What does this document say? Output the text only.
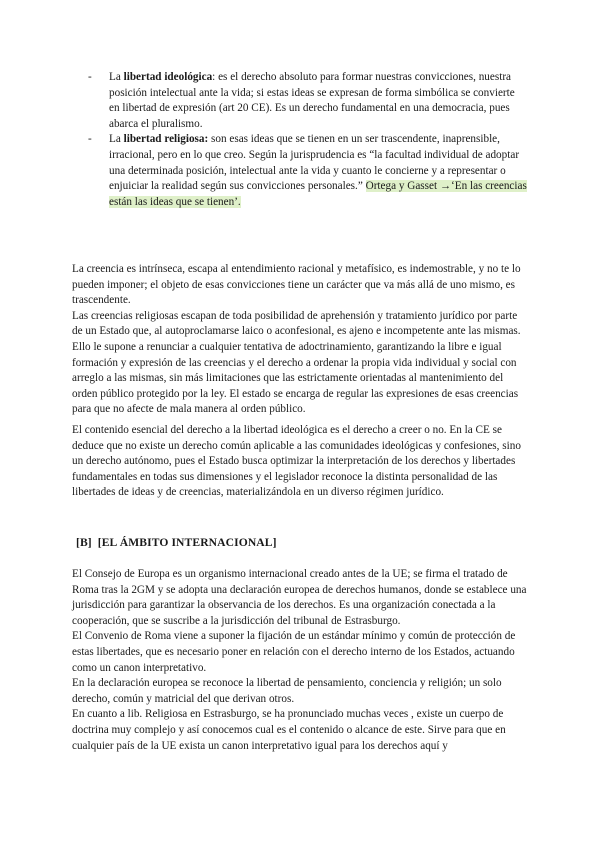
- La libertad ideológica: es el derecho absoluto para formar nuestras convicciones, nuestra posición intelectual ante la vida; si estas ideas se expresan de forma simbólica se convierte en libertad de expresión (art 20 CE). Es un derecho fundamental en una democracia, pues abarca el pluralismo.

- La libertad religiosa: son esas ideas que se tienen en un ser trascendente, inaprensible, irracional, pero en lo que creo. Según la jurisprudencia es “la facultad individual de adoptar una determinada posición, intelectual ante la vida y cuanto le concierne y a representar o enjuiciar la realidad según sus convicciones personales.” Ortega y Gasset →‘En las creencias están las ideas que se tienen’.

La creencia es intrínseca, escapa al entendimiento racional y metafísico, es indemostrable, y no te lo pueden imponer; el objeto de esas convicciones tiene un carácter que va más allá de uno mismo, es trascendente.

Las creencias religiosas escapan de toda posibilidad de aprehensión y tratamiento jurídico por parte de un Estado que, al autoproclamarse laico o aconfesional, es ajeno e incompetente ante las mismas. Ello le supone a renunciar a cualquier tentativa de adoctrinamiento, garantizando la libre e igual formación y expresión de las creencias y el derecho a ordenar la propia vida individual y social con arreglo a las mismas, sin más limitaciones que las estrictamente orientadas al mantenimiento del orden público protegido por la ley. El estado se encarga de regular las expresiones de esas creencias para que no afecte de mala manera al orden público.

El contenido esencial del derecho a la libertad ideológica es el derecho a creer o no. En la CE se deduce que no existe un derecho común aplicable a las comunidades ideológicas y confesiones, sino un derecho autónomo, pues el Estado busca optimizar la interpretación de los derechos y libertades fundamentales en todas sus dimensiones y el legislador reconoce la distinta personalidad de las libertades de ideas y de creencias, materializándola en un diverso régimen jurídico.

[B] [EL ÁMBITO INTERNACIONAL]

El Consejo de Europa es un organismo internacional creado antes de la UE; se firma el tratado de Roma tras la 2GM y se adopta una declaración europea de derechos humanos, donde se establece una jurisdicción para garantizar la observancia de los derechos. Es una organización conectada a la cooperación, que se suscribe a la jurisdicción del tribunal de Estrasburgo.

El Convenio de Roma viene a suponer la fijación de un estándar mínimo y común de protección de estas libertades, que es necesario poner en relación con el derecho interno de los Estados, actuando como un canon interpretativo.

En la declaración europea se reconoce la libertad de pensamiento, conciencia y religión; un solo derecho, común y matricial del que derivan otros.

En cuanto a lib. Religiosa en Estrasburgo, se ha pronunciado muchas veces , existe un cuerpo de doctrina muy complejo y así conocemos cual es el contenido o alcance de este. Sirve para que en cualquier país de la UE exista un canon interpretativo igual para los derechos aquí y
